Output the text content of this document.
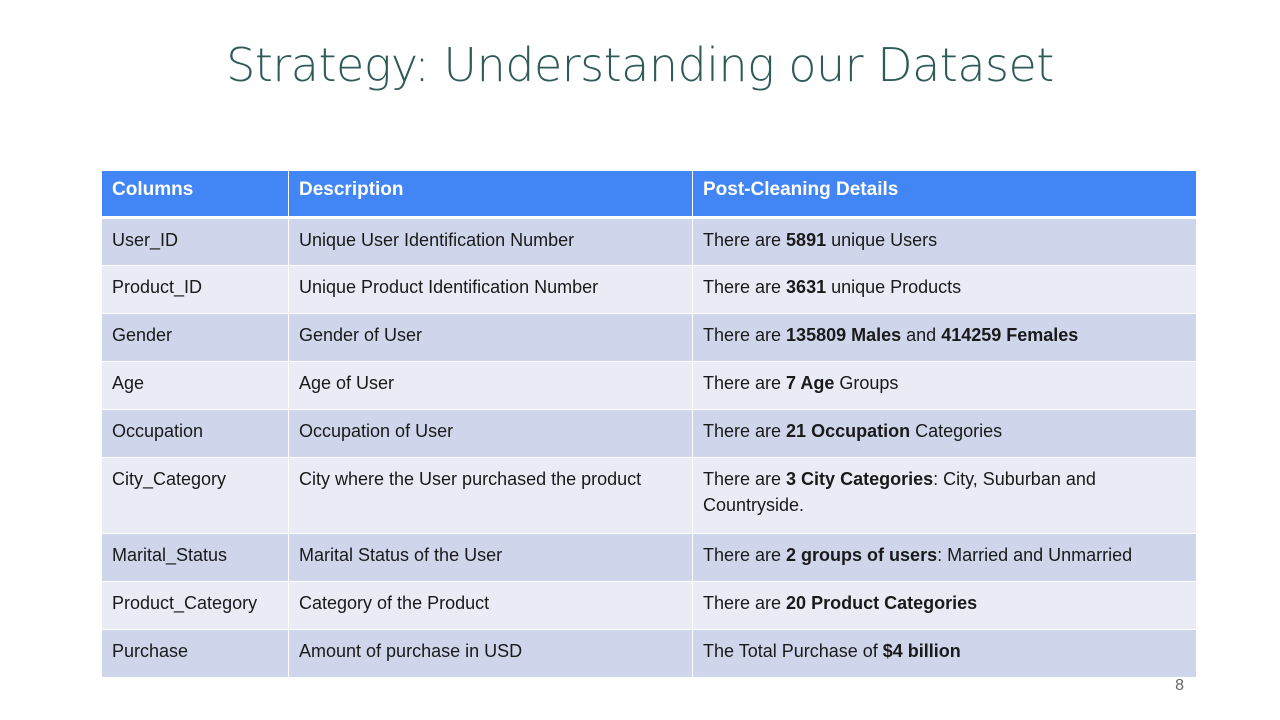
Strategy: Understanding our Dataset
Columns	Description	Post-Cleaning Details
User_ID	Unique User Identification Number	There are 5891 unique Users
Product_ID	Unique Product Identification Number	There are 3631 unique Products
Gender	Gender of User	There are 135809 Males and 414259 Females
Age	Age of User	There are 7 Age Groups
Occupation	Occupation of User	There are 21 Occupation Categories
City_Category	City where the User purchased the product	There are 3 City Categories: City, Suburban and Countryside.
Marital_Status	Marital Status of the User	There are 2 groups of users: Married and Unmarried
Product_Category	Category of the Product	There are 20 Product Categories
Purchase	Amount of purchase in USD	The Total Purchase of $4 billion
8
